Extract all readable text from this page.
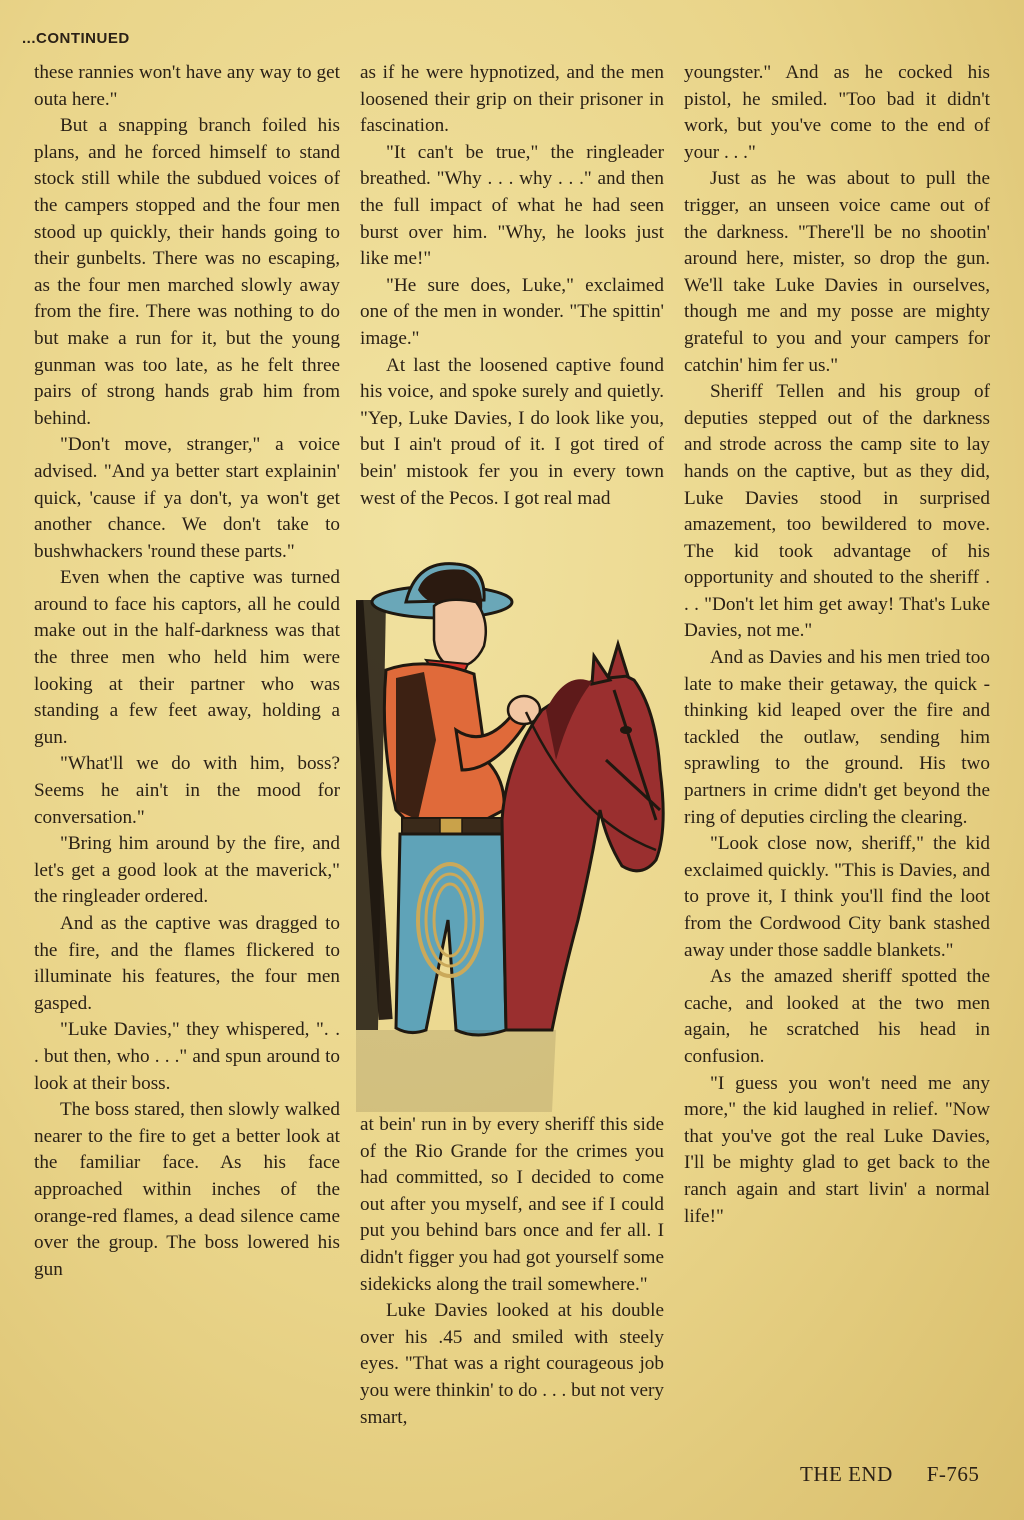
...CONTINUED

these rannies won't have any way to get outa here."

But a snapping branch foiled his plans, and he forced himself to stand stock still while the subdued voices of the campers stopped and the four men stood up quickly, their hands going to their gunbelts. There was no escaping, as the four men marched slowly away from the fire. There was nothing to do but make a run for it, but the young gunman was too late, as he felt three pairs of strong hands grab him from behind.

"Don't move, stranger," a voice advised. "And ya better start explainin' quick, 'cause if ya don't, ya won't get another chance. We don't take to bushwhackers 'round these parts."

Even when the captive was turned around to face his captors, all he could make out in the half-darkness was that the three men who held him were looking at their partner who was standing a few feet away, holding a gun.

"What'll we do with him, boss? Seems he ain't in the mood for conversation."

"Bring him around by the fire, and let's get a good look at the maverick," the ringleader ordered.

And as the captive was dragged to the fire, and the flames flickered to illuminate his features, the four men gasped.

"Luke Davies," they whispered, ". . . but then, who . . ." and spun around to look at their boss.

The boss stared, then slowly walked nearer to the fire to get a better look at the familiar face. As his face approached within inches of the orange-red flames, a dead silence came over the group. The boss lowered his gun

as if he were hypnotized, and the men loosened their grip on their prisoner in fascination.

"It can't be true," the ringleader breathed. "Why . . . why . . ." and then the full impact of what he had seen burst over him. "Why, he looks just like me!"

"He sure does, Luke," exclaimed one of the men in wonder. "The spittin' image."

At last the loosened captive found his voice, and spoke surely and quietly. "Yep, Luke Davies, I do look like you, but I ain't proud of it. I got tired of bein' mistook fer you in every town west of the Pecos. I got real mad

at bein' run in by every sheriff this side of the Rio Grande for the crimes you had committed, so I decided to come out after you myself, and see if I could put you behind bars once and fer all. I didn't figger you had got yourself some sidekicks along the trail somewhere."

Luke Davies looked at his double over his .45 and smiled with steely eyes. "That was a right courageous job you were thinkin' to do . . . but not very smart,

youngster." And as he cocked his pistol, he smiled. "Too bad it didn't work, but you've come to the end of your . . ."

Just as he was about to pull the trigger, an unseen voice came out of the darkness. "There'll be no shootin' around here, mister, so drop the gun. We'll take Luke Davies in ourselves, though me and my posse are mighty grateful to you and your campers for catchin' him fer us."

Sheriff Tellen and his group of deputies stepped out of the darkness and strode across the camp site to lay hands on the captive, but as they did, Luke Davies stood in surprised amazement, too bewildered to move. The kid took advantage of his opportunity and shouted to the sheriff . . . "Don't let him get away! That's Luke Davies, not me."

And as Davies and his men tried too late to make their getaway, the quick - thinking kid leaped over the fire and tackled the outlaw, sending him sprawling to the ground. His two partners in crime didn't get beyond the ring of deputies circling the clearing.

"Look close now, sheriff," the kid exclaimed quickly. "This is Davies, and to prove it, I think you'll find the loot from the Cordwood City bank stashed away under those saddle blankets."

As the amazed sheriff spotted the cache, and looked at the two men again, he scratched his head in confusion.

"I guess you won't need me any more," the kid laughed in relief. "Now that you've got the real Luke Davies, I'll be mighty glad to get back to the ranch again and start livin' a normal life!"

THE END F-765
